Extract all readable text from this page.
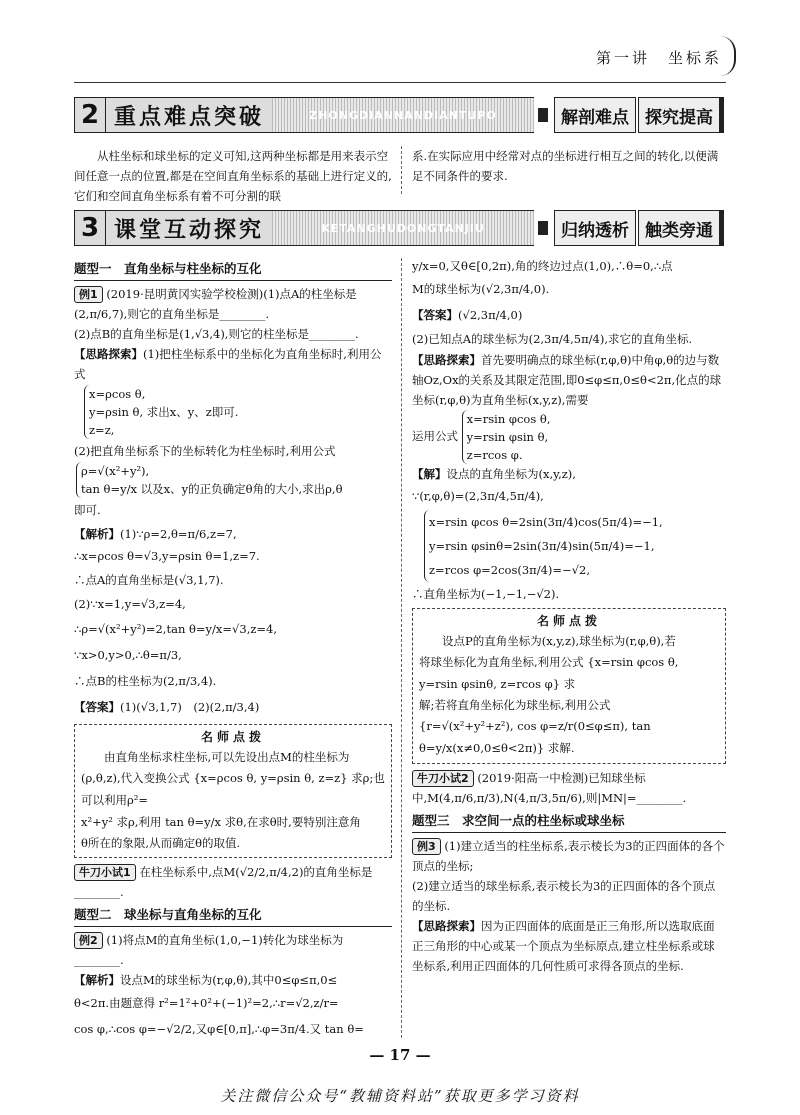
第一讲　坐标系
2 重点难点突破	ZHONGDIANNANDIANTUPO	解剖难点 探究提高

从柱坐标和球坐标的定义可知,这两种坐标都是用来表示空间任意一点的位置,都是在空间直角坐标系的基础上进行定义的,它们和空间直角坐标系有着不可分割的联

系.在实际应用中经常对点的坐标进行相互之间的转化,以便满足不同条件的要求.

3 课堂互动探究	KETANGHUDONGTANJIU	归纳透析 触类旁通
题型一　直角坐标与柱坐标的互化

例1 (2019·昆明黄冈实验学校检测)(1)点A的柱坐标是(2,π/6,7),则它的直角坐标是________.

(2)点B的直角坐标是(1,√3,4),则它的柱坐标是________.

【思路探索】(1)把柱坐标系中的坐标化为直角坐标时,利用公式

x=ρcos θ,
y=ρsin θ, 求出x、y、z即可.
z=z,

(2)把直角坐标系下的坐标转化为柱坐标时,利用公式

ρ=√(x²+y²),
tan θ=y/x 以及x、y的正负确定θ角的大小,求出ρ,θ

即可.

【解析】(1)∵ρ=2,θ=π/6,z=7,

∴x=ρcos θ=√3,y=ρsin θ=1,z=7.

∴点A的直角坐标是(√3,1,7).

(2)∵x=1,y=√3,z=4,

∴ρ=√(x²+y²)=2,tan θ=y/x=√3,z=4,

∵x>0,y>0,∴θ=π/3,

∴点B的柱坐标为(2,π/3,4).

【答案】(1)(√3,1,7)　(2)(2,π/3,4)

名师点拨

由直角坐标求柱坐标,可以先设出点M的柱坐标为

(ρ,θ,z),代入变换公式 {x=ρcos θ, y=ρsin θ, z=z} 求ρ;也可以利用ρ²=

x²+y² 求ρ,利用 tan θ=y/x 求θ,在求θ时,要特别注意角

θ所在的象限,从而确定θ的取值.

牛刀小试1 在柱坐标系中,点M(√2/2,π/4,2)的直角坐标是________.

题型二　球坐标与直角坐标的互化

例2 (1)将点M的直角坐标(1,0,−1)转化为球坐标为________.

【解析】设点M的球坐标为(r,φ,θ),其中0≤φ≤π,0≤

θ<2π.由题意得 r²=1²+0²+(−1)²=2,∴r=√2,z/r=

cos φ,∴cos φ=−√2/2,又φ∈[0,π],∴φ=3π/4.又 tan θ=

y/x=0,又θ∈[0,2π),角的终边过点(1,0),∴θ=0,∴点

M的球坐标为(√2,3π/4,0).

【答案】(√2,3π/4,0)

(2)已知点A的球坐标为(2,3π/4,5π/4),求它的直角坐标.

【思路探索】首先要明确点的球坐标(r,φ,θ)中角φ,θ的边与数轴Oz,Ox的关系及其限定范围,即0≤φ≤π,0≤θ<2π,化点的球坐标(r,φ,θ)为直角坐标(x,y,z),需要

运用公式
x=rsin φcos θ,
y=rsin φsin θ,
z=rcos φ.

【解】设点的直角坐标为(x,y,z),

∵(r,φ,θ)=(2,3π/4,5π/4),

x=rsin φcos θ=2sin(3π/4)cos(5π/4)=−1,
y=rsin φsinθ=2sin(3π/4)sin(5π/4)=−1,
z=rcos φ=2cos(3π/4)=−√2,

∴直角坐标为(−1,−1,−√2).

名师点拨

设点P的直角坐标为(x,y,z),球坐标为(r,φ,θ),若

将球坐标化为直角坐标,利用公式 {x=rsin φcos θ, y=rsin φsinθ, z=rcos φ} 求

解;若将直角坐标化为球坐标,利用公式

{r=√(x²+y²+z²), cos φ=z/r(0≤φ≤π), tan θ=y/x(x≠0,0≤θ<2π)} 求解.

牛刀小试2 (2019·阳高一中检测)已知球坐标中,M(4,π/6,π/3),N(4,π/3,5π/6),则|MN|=________.

题型三　求空间一点的柱坐标或球坐标

例3 (1)建立适当的柱坐标系,表示棱长为3的正四面体的各个顶点的坐标;

(2)建立适当的球坐标系,表示棱长为3的正四面体的各个顶点的坐标.

【思路探索】因为正四面体的底面是正三角形,所以选取底面正三角形的中心或某一个顶点为坐标原点,建立柱坐标系或球坐标系,利用正四面体的几何性质可求得各顶点的坐标.

— 17 —
关注微信公众号“教辅资料站”获取更多学习资料
